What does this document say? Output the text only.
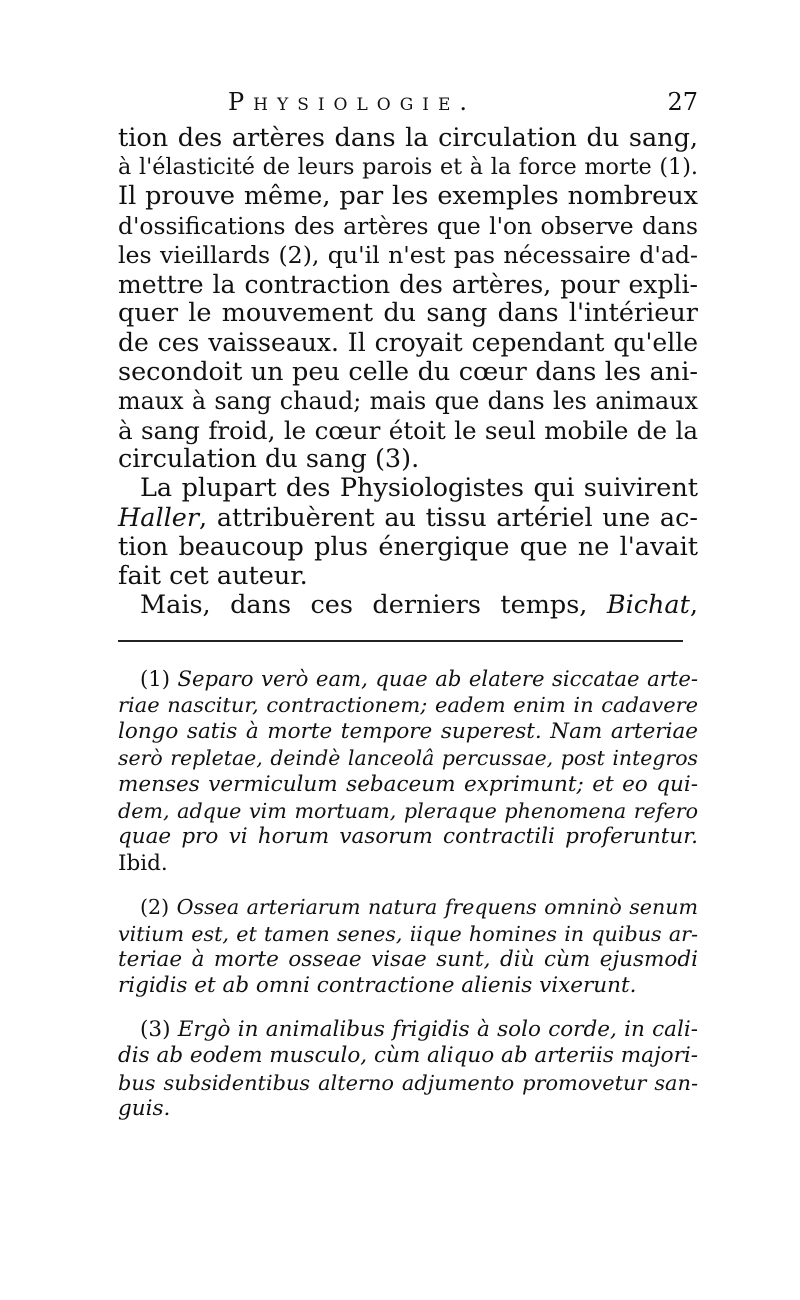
Physiologie.	27
tion des artères dans la circulation du sang,
à l'élasticité de leurs parois et à la force morte (1).
Il prouve même, par les exemples nombreux
d'ossifications des artères que l'on observe dans
les vieillards (2), qu'il n'est pas nécessaire d'ad-
mettre la contraction des artères, pour expli-
quer le mouvement du sang dans l'intérieur
de ces vaisseaux. Il croyait cependant qu'elle
secondoit un peu celle du cœur dans les ani-
maux à sang chaud; mais que dans les animaux
à sang froid, le cœur étoit le seul mobile de la
circulation du sang (3).
La plupart des Physiologistes qui suivirent
Haller, attribuèrent au tissu artériel une ac-
tion beaucoup plus énergique que ne l'avait
fait cet auteur.
Mais, dans ces derniers temps, Bichat,
(1) Separo verò eam, quae ab elatere siccatae arte-
riae nascitur, contractionem; eadem enim in cadavere
longo satis à morte tempore superest. Nam arteriae
serò repletae, deindè lanceolâ percussae, post integros
menses vermiculum sebaceum exprimunt; et eo qui-
dem, adque vim mortuam, pleraque phenomena refero
quae pro vi horum vasorum contractili proferuntur.
Ibid.
(2) Ossea arteriarum natura frequens omninò senum
vitium est, et tamen senes, iique homines in quibus ar-
teriae à morte osseae visae sunt, diù cùm ejusmodi
rigidis et ab omni contractione alienis vixerunt.
(3) Ergò in animalibus frigidis à solo corde, in cali-
dis ab eodem musculo, cùm aliquo ab arteriis majori-
bus subsidentibus alterno adjumento promovetur san-
guis.
